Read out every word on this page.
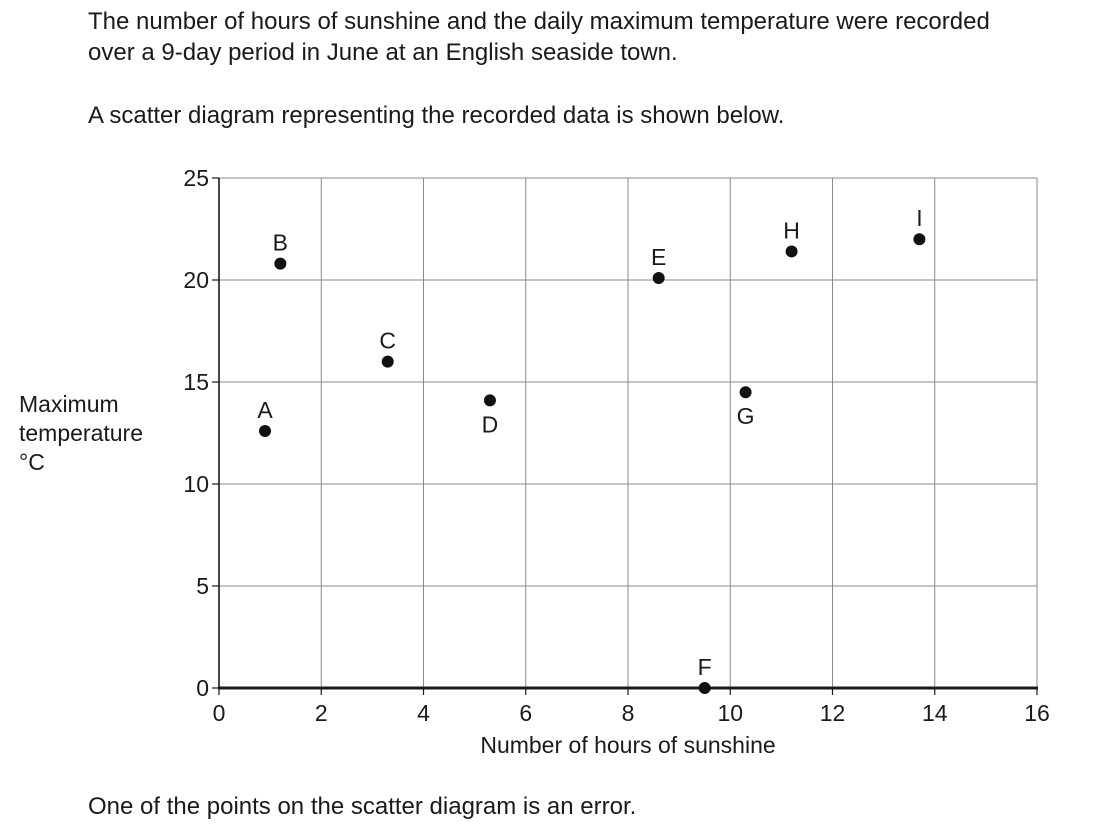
The number of hours of sunshine and the daily maximum temperature were recorded

over a 9-day period in June at an English seaside town.

A scatter diagram representing the recorded data is shown below.

Maximum
temperature
°C
0
5
10
15
20
25
0	2	4	6	8	10	12	14	16
A
B
C
D
E
F
G
H	I
Number of hours of sunshine

One of the points on the scatter diagram is an error.
